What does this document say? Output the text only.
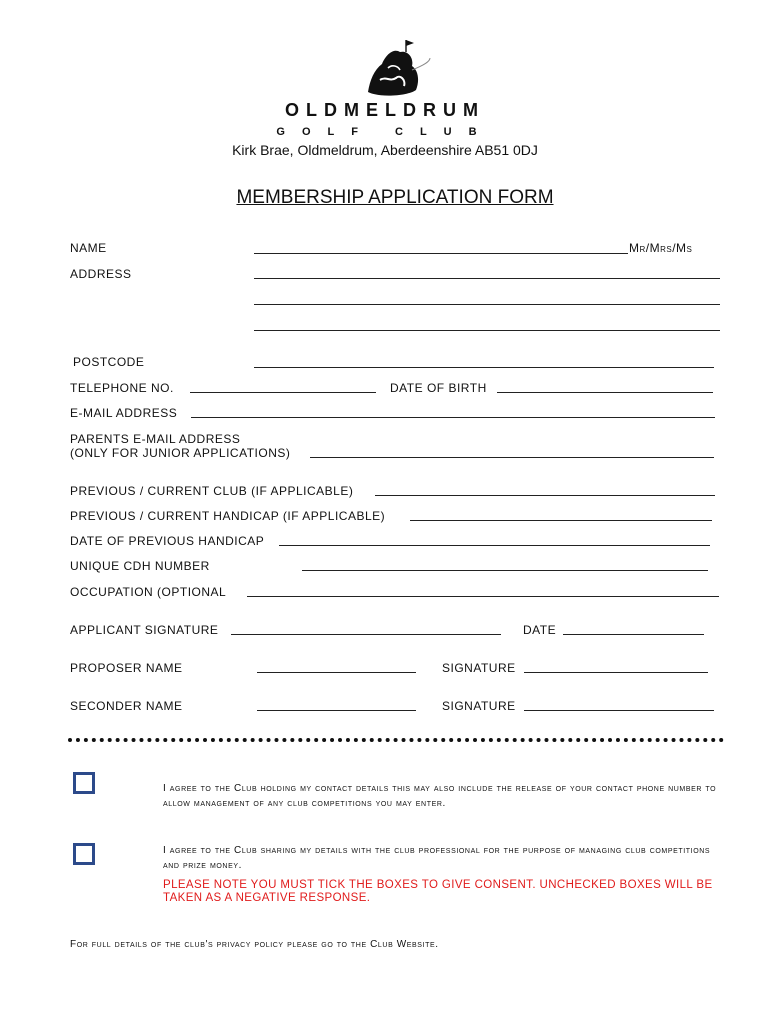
OLDMELDRUM
GOLF CLUB
Kirk Brae, Oldmeldrum, Aberdeenshire AB51 0DJ
MEMBERSHIP APPLICATION FORM
NAME	Mr/Mrs/Ms
ADDRESS
POSTCODE
TELEPHONE NO.	DATE OF BIRTH
E-MAIL ADDRESS
PARENTS E-MAIL ADDRESS
(ONLY FOR JUNIOR APPLICATIONS)
PREVIOUS / CURRENT CLUB (IF APPLICABLE)
PREVIOUS / CURRENT HANDICAP (IF APPLICABLE)
DATE OF PREVIOUS HANDICAP
UNIQUE CDH NUMBER
OCCUPATION (OPTIONAL
APPLICANT SIGNATURE	DATE
PROPOSER NAME	SIGNATURE
SECONDER NAME	SIGNATURE
I agree to the Club holding my contact details this may also include the release of your contact phone number to allow management of any club competitions you may enter.
I agree to the Club sharing my details with the club professional for the purpose of managing club competitions and prize money.
PLEASE NOTE YOU MUST TICK THE BOXES TO GIVE CONSENT. UNCHECKED BOXES WILL BE TAKEN AS A NEGATIVE RESPONSE.
For full details of the club's privacy policy please go to the Club Website.
